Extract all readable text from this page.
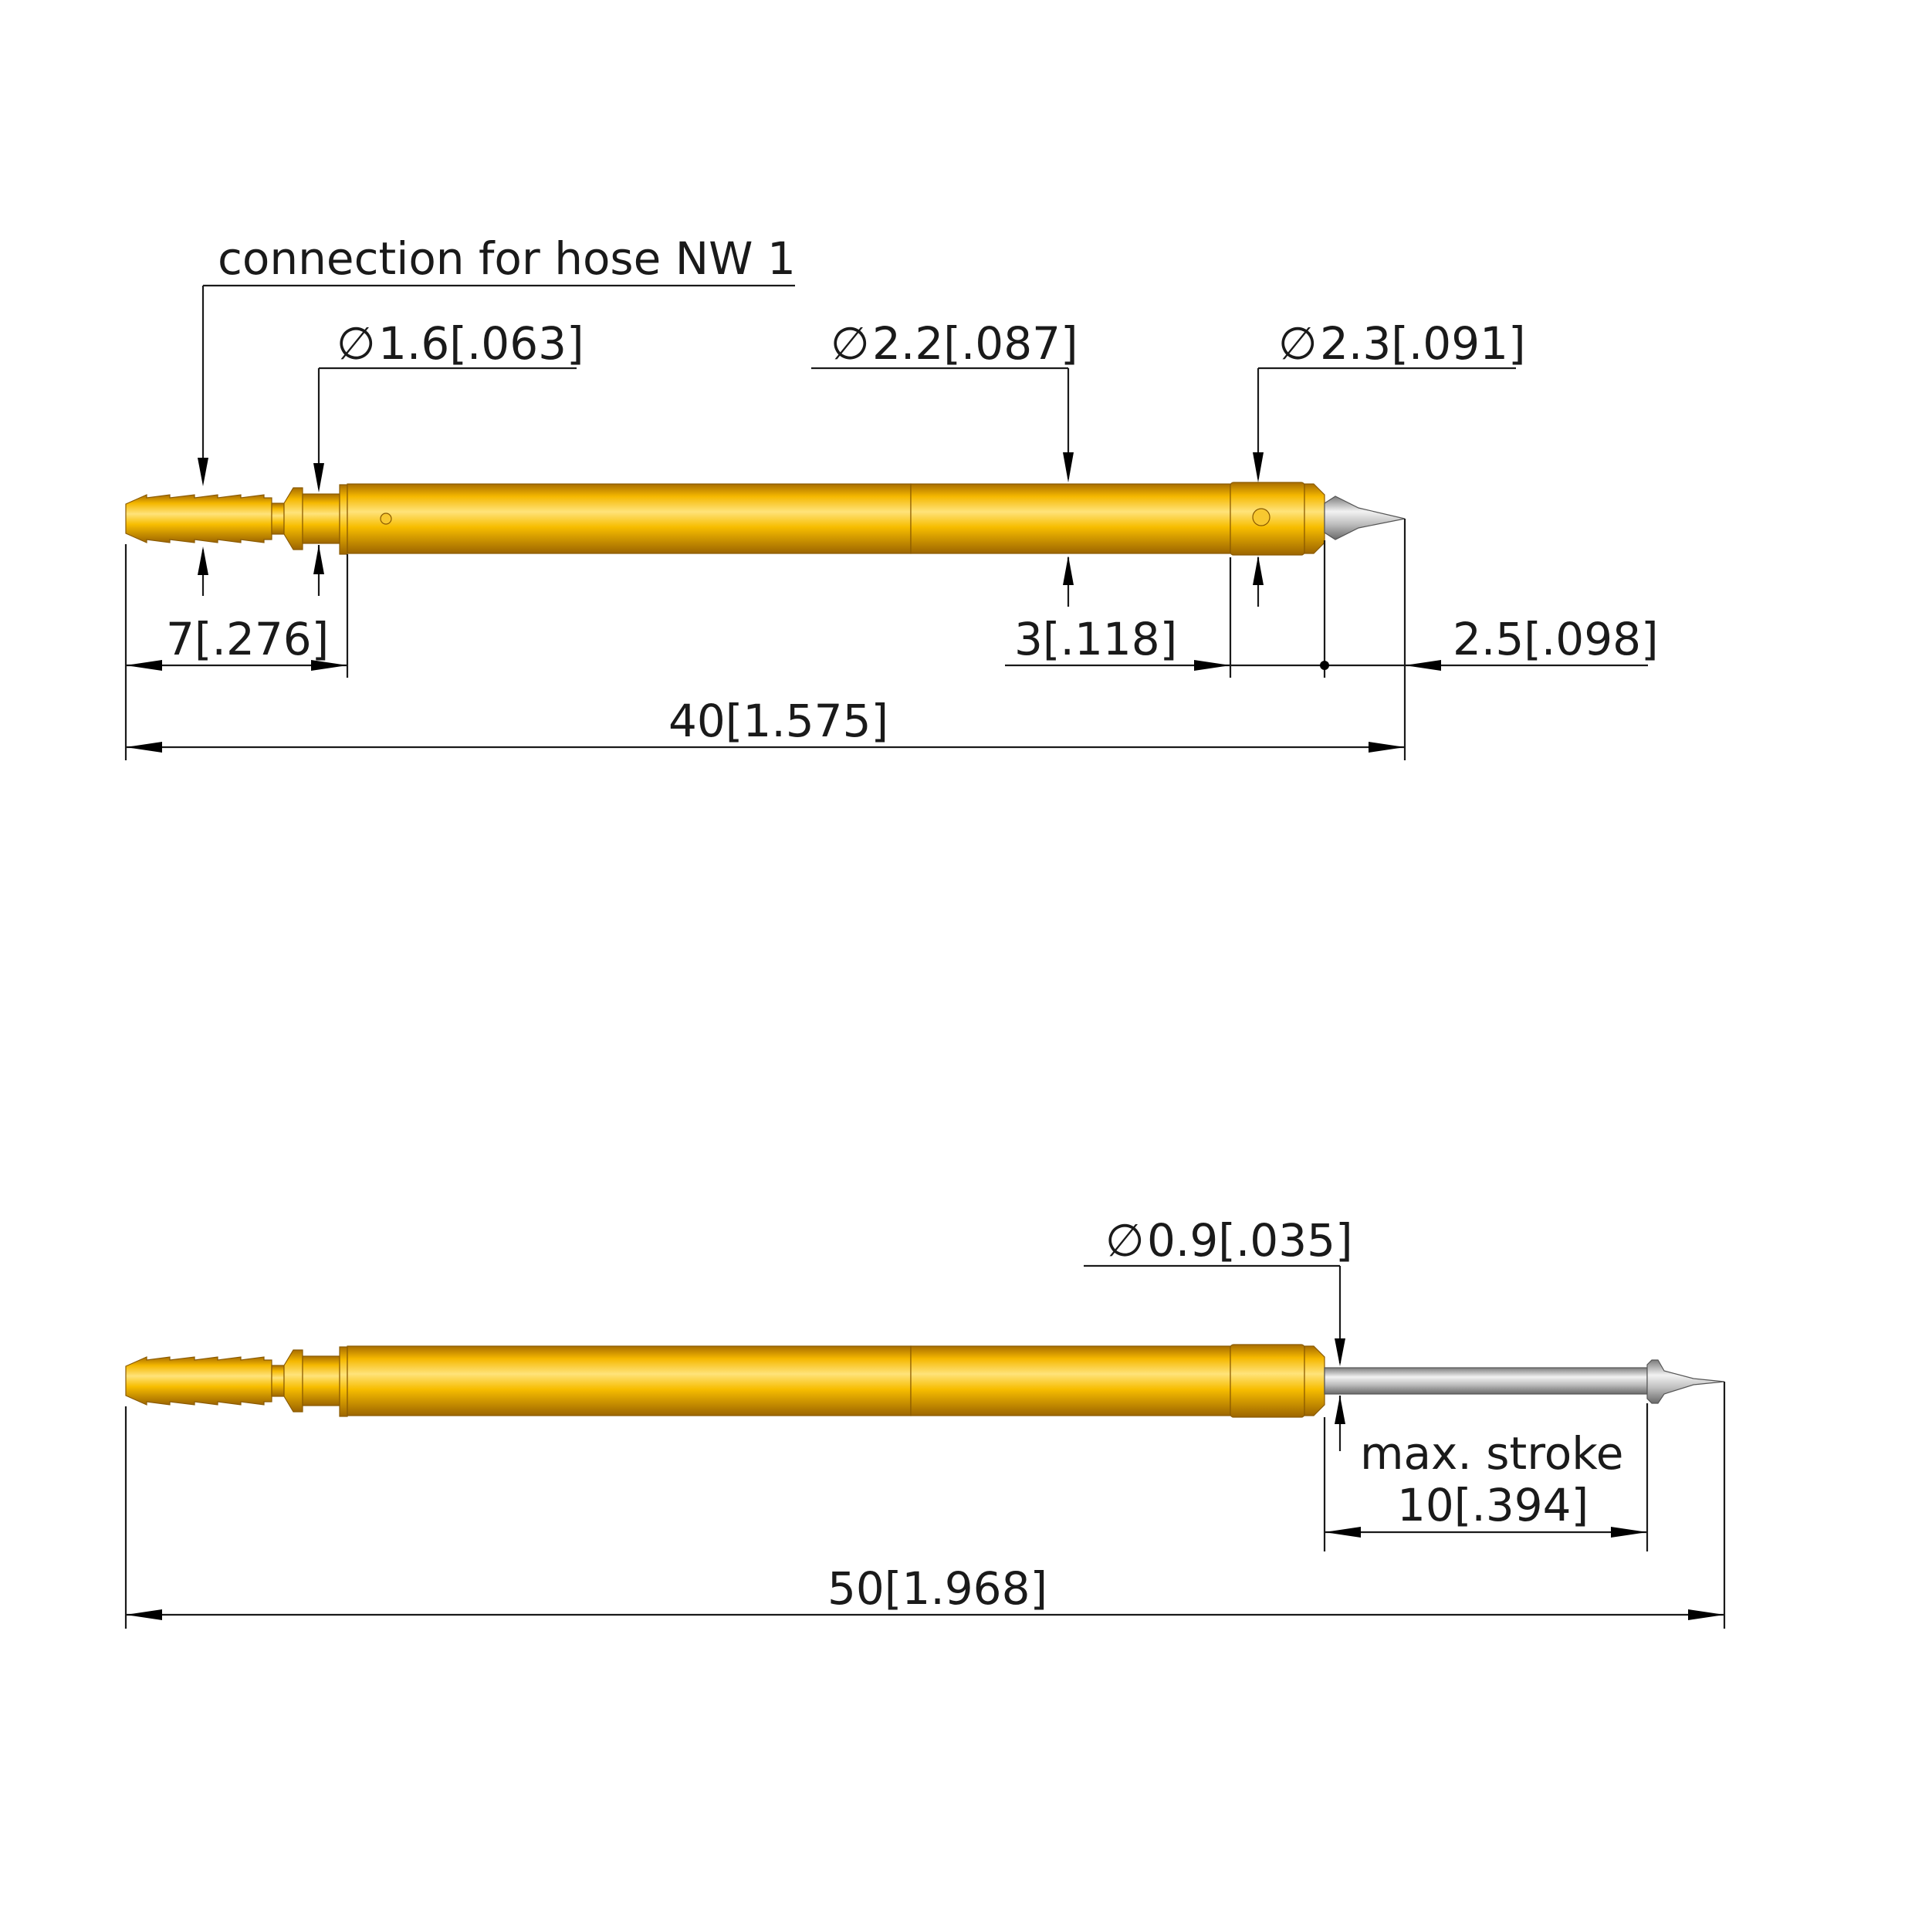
connection for hose NW 1
∅ 1.6[.063]	∅ 2.2[.087]	∅ 2.3[.091]
7[.276]	3[.118]	2.5[.098]
40[1.575]
∅ 0.9[.035]
max. stroke
10[.394]
50[1.968]
